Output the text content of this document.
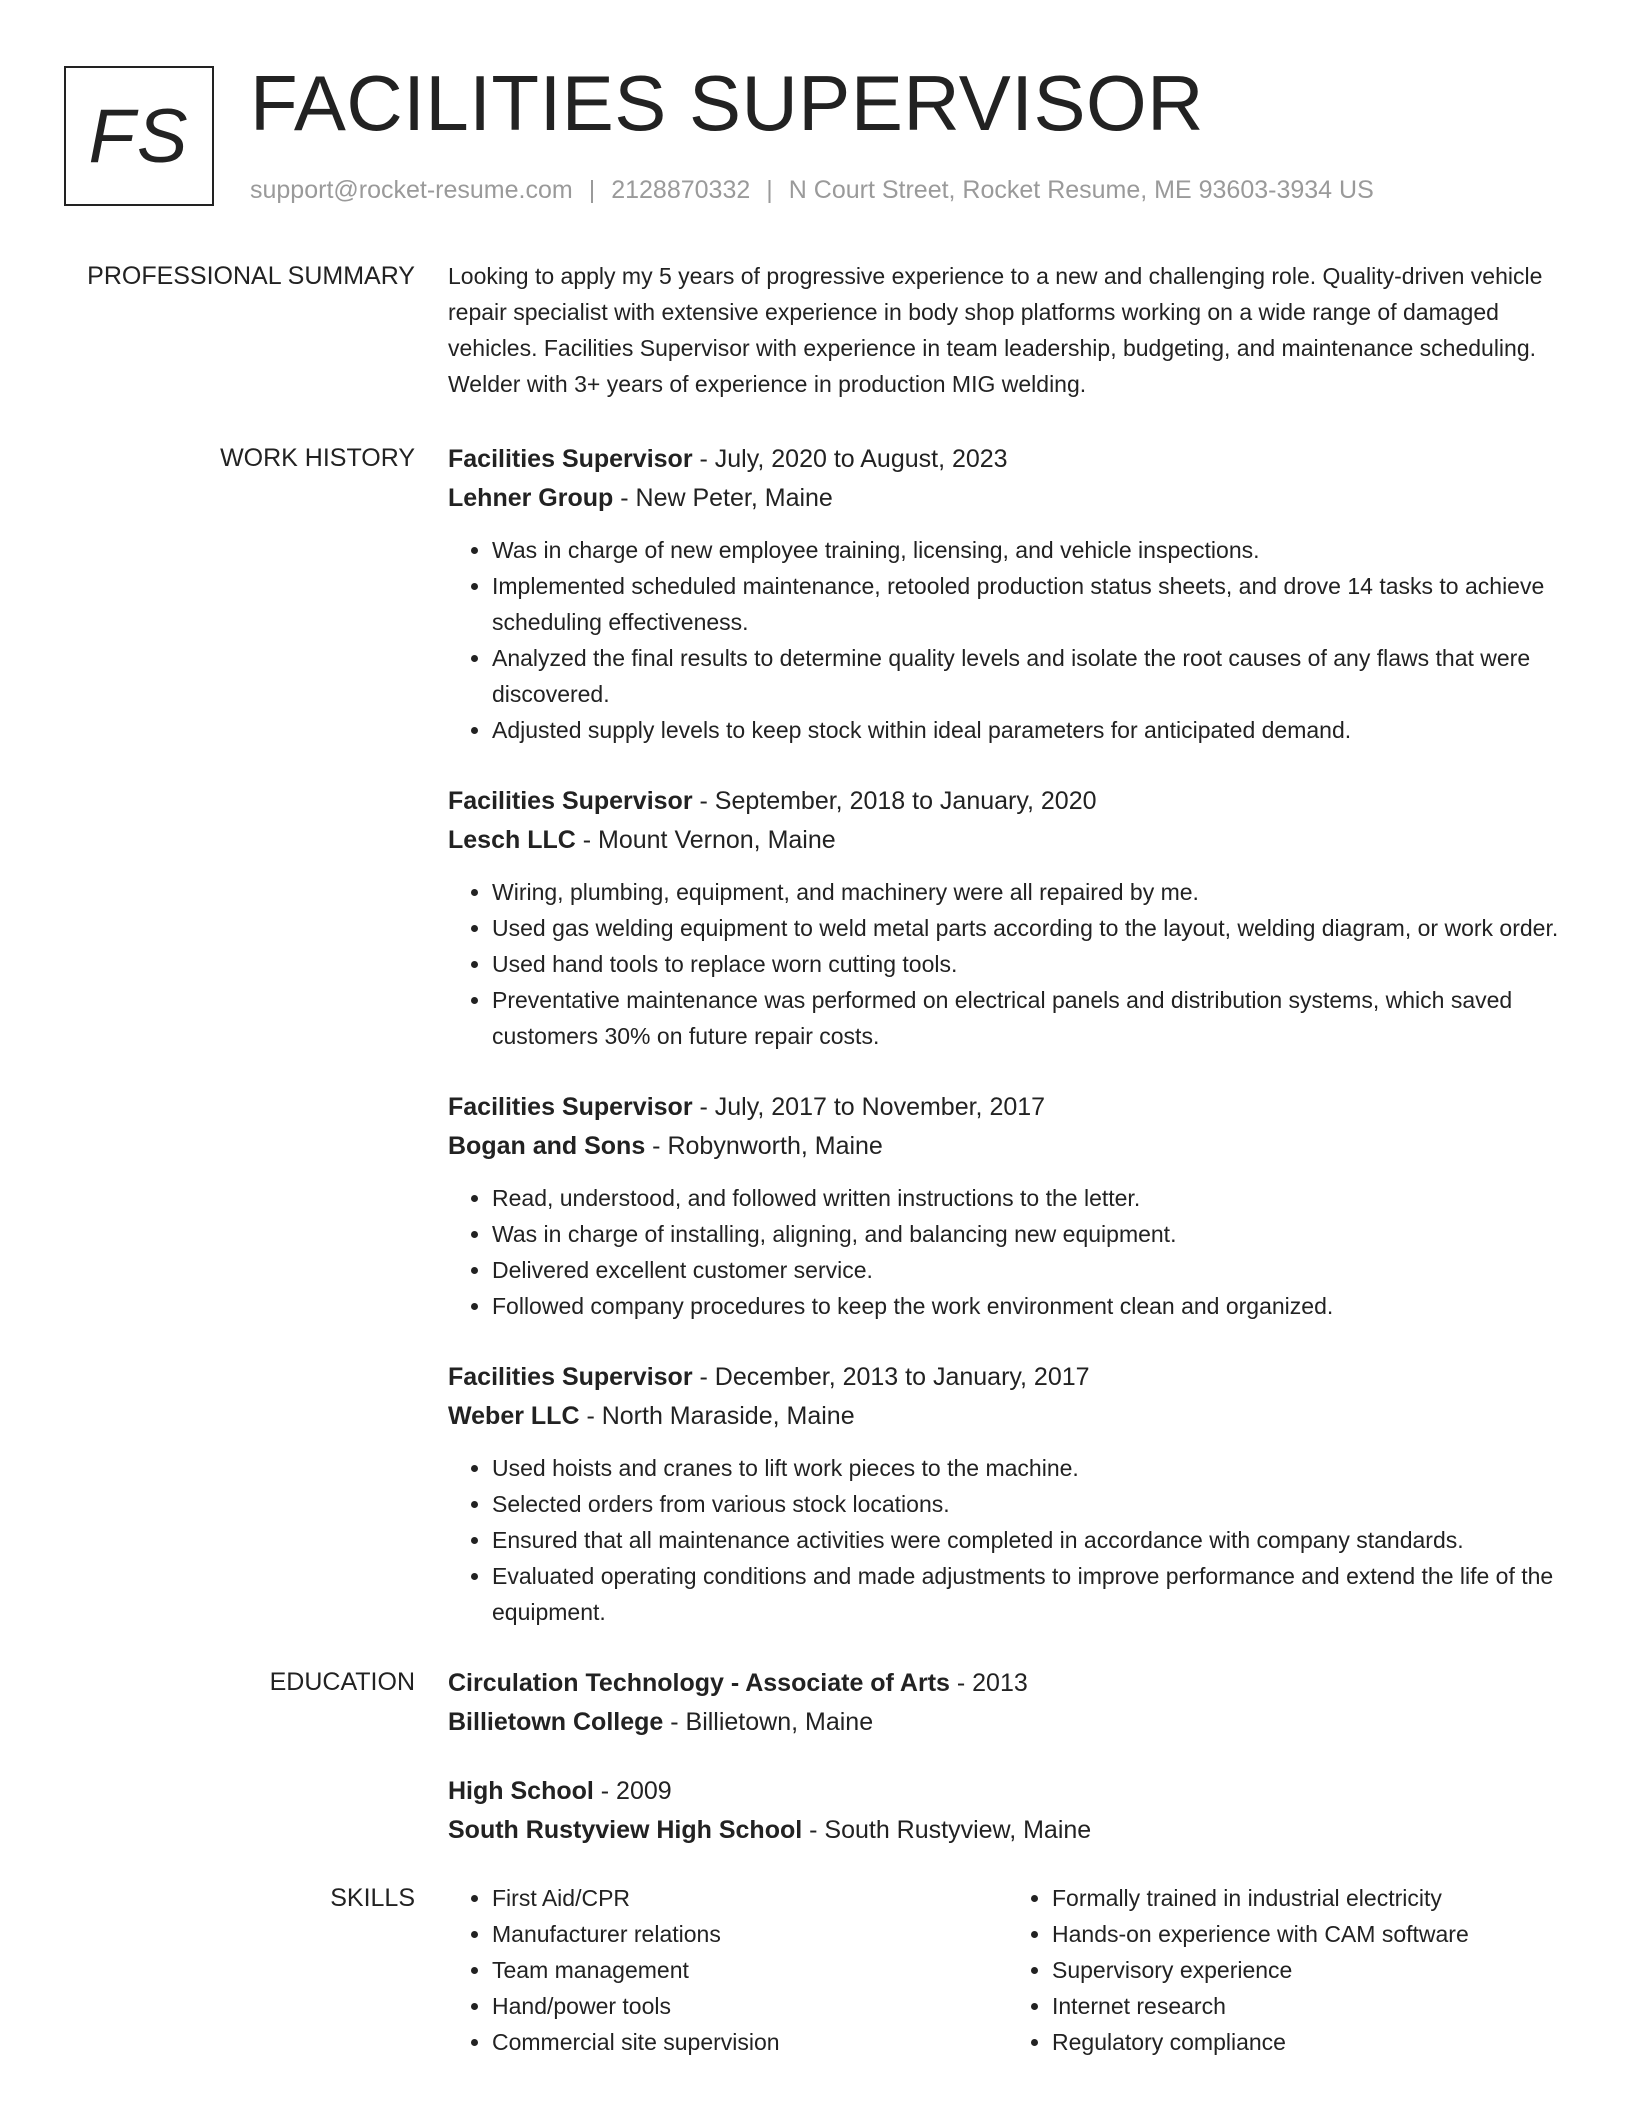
FS FACILITIES SUPERVISOR
support@rocket-resume.com | 2128870332 | N Court Street, Rocket Resume, ME 93603-3934 US
PROFESSIONAL SUMMARY Looking to apply my 5 years of progressive experience to a new and challenging role. Quality-driven vehicle repair specialist with extensive experience in body shop platforms working on a wide range of damaged vehicles. Facilities Supervisor with experience in team leadership, budgeting, and maintenance scheduling. Welder with 3+ years of experience in production MIG welding.

WORK HISTORY Facilities Supervisor - July, 2020 to August, 2023
Lehner Group - New Peter, Maine
• Was in charge of new employee training, licensing, and vehicle inspections.
• Implemented scheduled maintenance, retooled production status sheets, and drove 14 tasks to achieve scheduling effectiveness.
• Analyzed the final results to determine quality levels and isolate the root causes of any flaws that were discovered.
• Adjusted supply levels to keep stock within ideal parameters for anticipated demand.
Facilities Supervisor - September, 2018 to January, 2020
Lesch LLC - Mount Vernon, Maine
• Wiring, plumbing, equipment, and machinery were all repaired by me.
• Used gas welding equipment to weld metal parts according to the layout, welding diagram, or work order.
• Used hand tools to replace worn cutting tools.
• Preventative maintenance was performed on electrical panels and distribution systems, which saved customers 30% on future repair costs.
Facilities Supervisor - July, 2017 to November, 2017
Bogan and Sons - Robynworth, Maine
• Read, understood, and followed written instructions to the letter.
• Was in charge of installing, aligning, and balancing new equipment.
• Delivered excellent customer service.
• Followed company procedures to keep the work environment clean and organized.
Facilities Supervisor - December, 2013 to January, 2017
Weber LLC - North Maraside, Maine
• Used hoists and cranes to lift work pieces to the machine.
• Selected orders from various stock locations.
• Ensured that all maintenance activities were completed in accordance with company standards.
• Evaluated operating conditions and made adjustments to improve performance and extend the life of the equipment.
EDUCATION Circulation Technology - Associate of Arts - 2013
Billietown College - Billietown, Maine
High School - 2009
South Rustyview High School - South Rustyview, Maine
SKILLS
•	First Aid/CPR
• Manufacturer relations
• Team management
• Hand/power tools
• Commercial site supervision
• Formally trained in industrial electricity
• Hands-on experience with CAM software
• Supervisory experience
• Internet research
• Regulatory compliance
